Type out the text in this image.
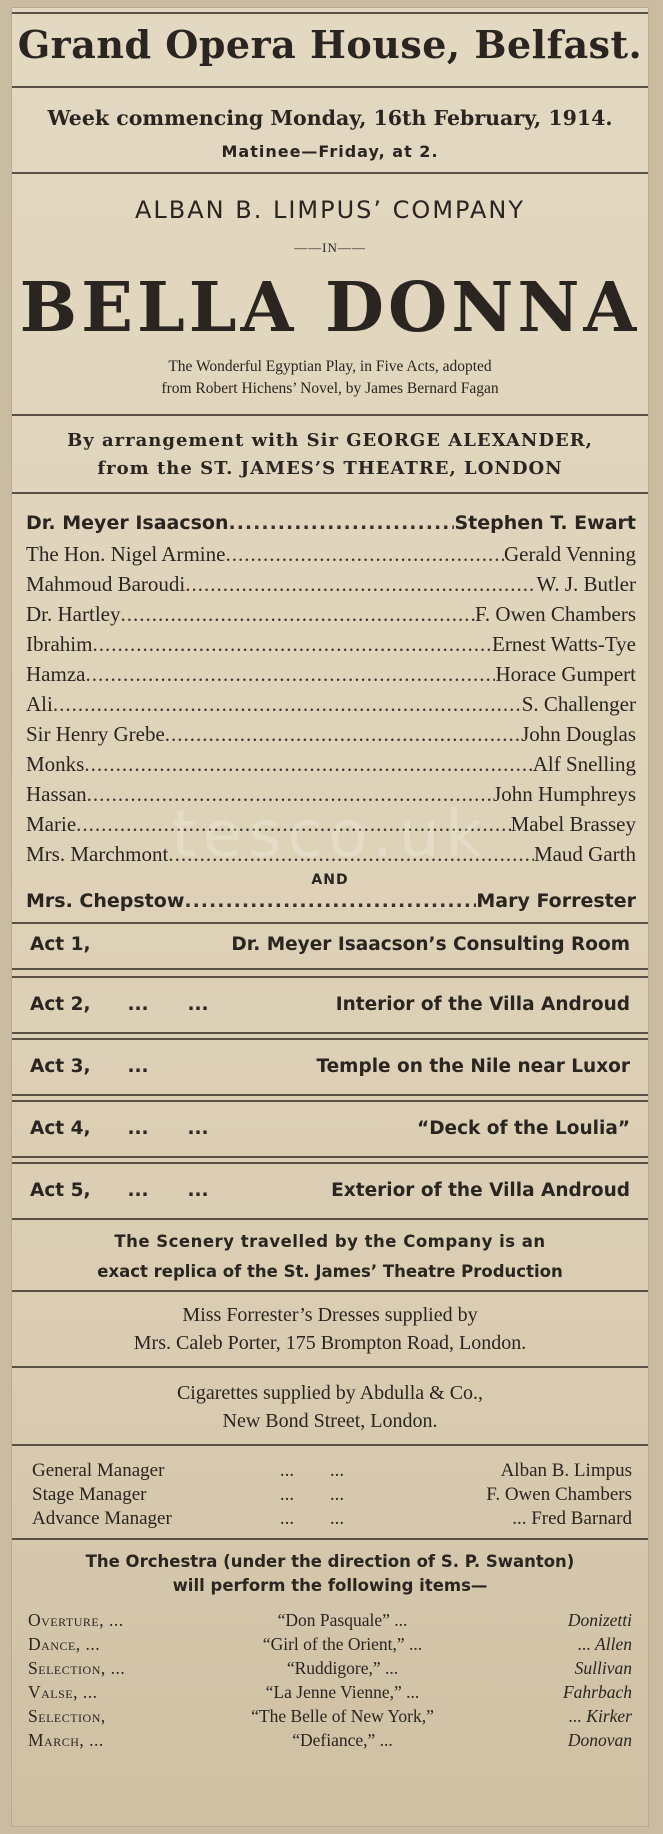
Grand Opera House, Belfast.
Week commencing Monday, 16th February, 1914.
Matinee—Friday, at 2.
ALBAN B. LIMPUS’ COMPANY
——IN——
BELLA DONNA
The Wonderful Egyptian Play, in Five Acts, adopted
from Robert Hichens’ Novel, by James Bernard Fagan
By arrangement with Sir GEORGE ALEXANDER,
from the ST. JAMES’S THEATRE, LONDON
Dr. Meyer Isaacson .....	Stephen T. Ewart
The Hon. Nigel Armine .....	Gerald Venning
Mahmoud Baroudi .....	W. J. Butler
Dr. Hartley .....	F. Owen Chambers
Ibrahim .....	Ernest Watts-Tye
Hamza .....	Horace Gumpert
Ali .....	S. Challenger
Sir Henry Grebe .....	John Douglas
Monks .....	Alf Snelling
Hassan .....	John Humphreys
Marie .....	Mabel Brassey
Mrs. Marchmont .....	Maud Garth
AND
Mrs. Chepstow .....	Mary Forrester
Act 1,	Dr. Meyer Isaacson’s Consulting Room
Act 2,	...	...	Interior of the Villa Androud
Act 3,	...	Temple on the Nile near Luxor
Act 4,	...	...	“Deck of the Loulia”
Act 5,	...	...	Exterior of the Villa Androud
The Scenery travelled by the Company is an
exact replica of the St. James’ Theatre Production
Miss Forrester’s Dresses supplied by
Mrs. Caleb Porter, 175 Brompton Road, London.
Cigarettes supplied by Abdulla & Co.,
New Bond Street, London.
General Manager	...	...	Alban B. Limpus
Stage Manager	...	...	F. Owen Chambers
Advance Manager	...	...	... Fred Barnard
The Orchestra (under the direction of S. P. Swanton)
will perform the following items—
Overture, ...	“Don Pasquale” ...	Donizetti
Dance, ...	“Girl of the Orient,” ...	... Allen
Selection, ...	“Ruddigore,” ...	Sullivan
Valse, ...	“La Jenne Vienne,” ...	Fahrbach
Selection,	“The Belle of New York,”	... Kirker
March, ...	“Defiance,” ...	Donovan
tesco.uk
